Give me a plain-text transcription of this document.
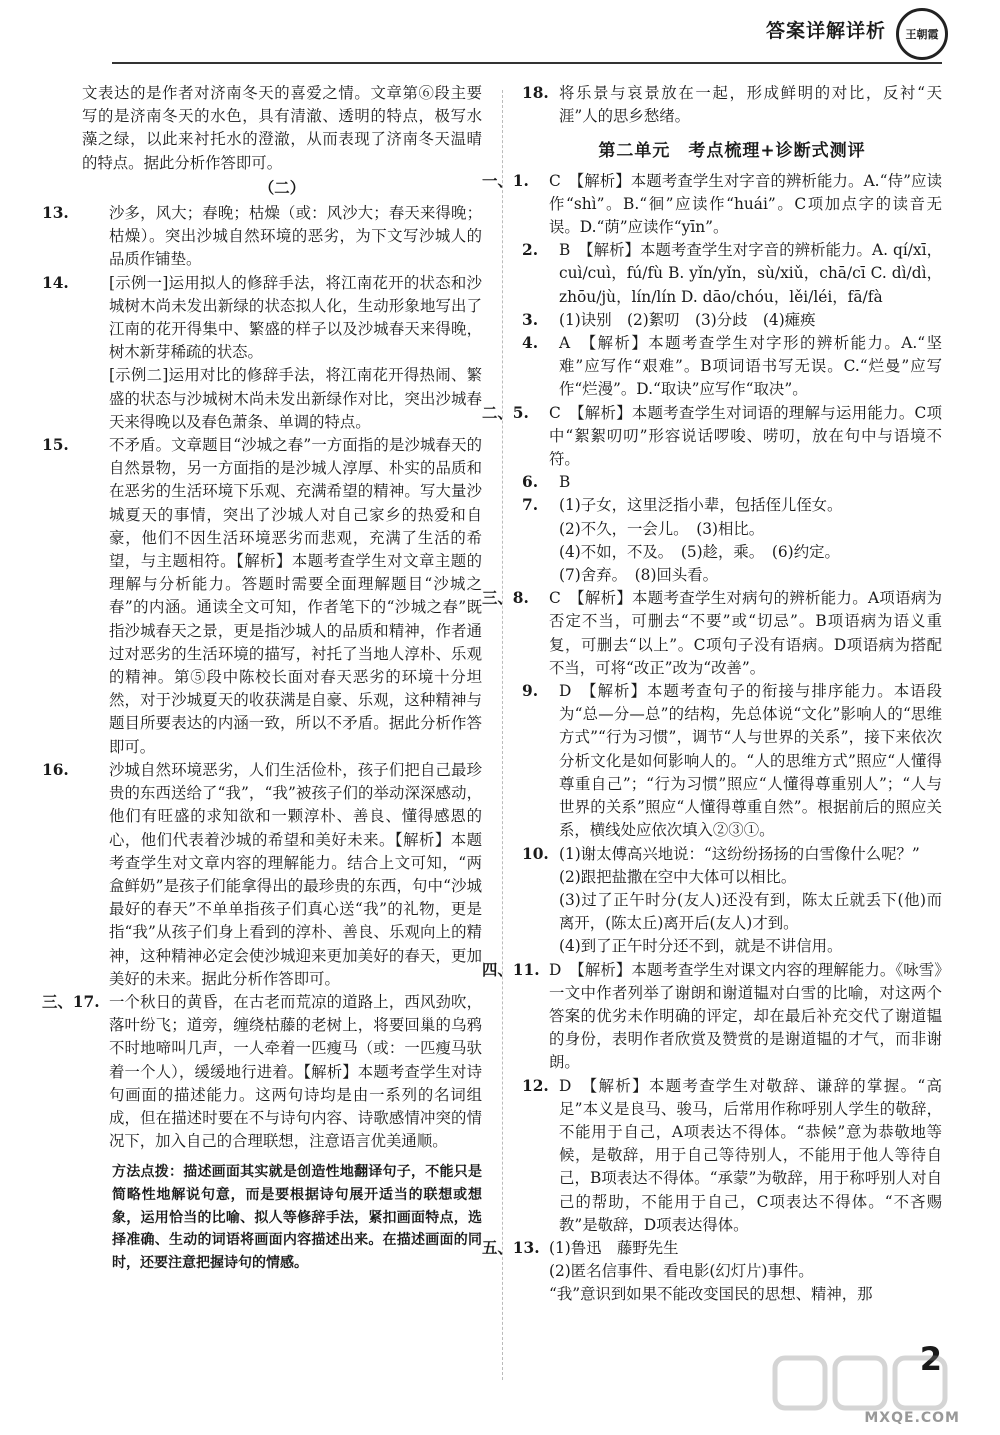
答案详解详析 王朝霞

文表达的是作者对济南冬天的喜爱之情。文章第⑥段主要写的是济南冬天的水色，具有清澈、透明的特点，极写水藻之绿，以此来衬托水的澄澈，从而表现了济南冬天温晴的特点。据此分析作答即可。

（二）
13.	沙多，风大；春晚；枯燥（或：风沙大；春天来得晚；枯燥）。突出沙城自然环境的恶劣，为下文写沙城人的品质作铺垫。
14.	[示例一]运用拟人的修辞手法，将江南花开的状态和沙城树木尚未发出新绿的状态拟人化，生动形象地写出了江南的花开得集中、繁盛的样子以及沙城春天来得晚，树木新芽稀疏的状态。
[示例二]运用对比的修辞手法，将江南花开得热闹、繁盛的状态与沙城树木尚未发出新绿作对比，突出沙城春天来得晚以及春色萧条、单调的特点。
15.	不矛盾。文章题目“沙城之春”一方面指的是沙城春天的自然景物，另一方面指的是沙城人淳厚、朴实的品质和在恶劣的生活环境下乐观、充满希望的精神。写大量沙城夏天的事情，突出了沙城人对自己家乡的热爱和自豪，他们不因生活环境恶劣而悲观，充满了生活的希望，与主题相符。【解析】本题考查学生对文章主题的理解与分析能力。答题时需要全面理解题目“沙城之春”的内涵。通读全文可知，作者笔下的“沙城之春”既指沙城春天之景，更是指沙城人的品质和精神，作者通过对恶劣的生活环境的描写，衬托了当地人淳朴、乐观的精神。第⑤段中陈校长面对春天恶劣的环境十分坦然，对于沙城夏天的收获满是自豪、乐观，这种精神与题目所要表达的内涵一致，所以不矛盾。据此分析作答即可。
16.	沙城自然环境恶劣，人们生活俭朴，孩子们把自己最珍贵的东西送给了“我”，“我”被孩子们的举动深深感动，他们有旺盛的求知欲和一颗淳朴、善良、懂得感恩的心，他们代表着沙城的希望和美好未来。【解析】本题考查学生对文章内容的理解能力。结合上文可知，“两盒鲜奶”是孩子们能拿得出的最珍贵的东西，句中“沙城最好的春天”不单单指孩子们真心送“我”的礼物，更是指“我”从孩子们身上看到的淳朴、善良、乐观向上的精神，这种精神必定会使沙城迎来更加美好的春天，更加美好的未来。据此分析作答即可。
三、17. 一个秋日的黄昏，在古老而荒凉的道路上，西风劲吹，落叶纷飞；道旁，缠绕枯藤的老树上，将要回巢的乌鸦不时地啼叫几声，一人牵着一匹瘦马（或：一匹瘦马驮着一个人），缓缓地行进着。【解析】本题考查学生对诗句画面的描述能力。这两句诗均是由一系列的名词组成，但在描述时要在不与诗句内容、诗歌感情冲突的情况下，加入自己的合理联想，注意语言优美通顺。
方法点拨：描述画面其实就是创造性地翻译句子，不能只是简略性地解说句意，而是要根据诗句展开适当的联想或想象，运用恰当的比喻、拟人等修辞手法，紧扣画面特点，选择准确、生动的词语将画面内容描述出来。在描述画面的同时，还要注意把握诗句的情感。
18. 将乐景与哀景放在一起，形成鲜明的对比，反衬“天涯”人的思乡愁绪。
第二单元　考点梳理+诊断式测评
一、1.	C　【解析】本题考查学生对字音的辨析能力。A.“侍”应读作“shì”。B.“徊”应读作“huái”。C项加点字的读音无误。D.“荫”应读作“yīn”。
2.	B　【解析】本题考查学生对字音的辨析能力。A. qí/xī，cuì/cuì，fú/fù B. yǐn/yǐn，sù/xiǔ，chā/cī C. dì/dì，zhōu/jù，lín/lín D. dāo/chóu，lěi/léi，fā/fà
3.	(1)诀别　(2)絮叨　(3)分歧　(4)瘫痪
4.	A　【解析】本题考查学生对字形的辨析能力。A.“坚难”应写作“艰难”。B项词语书写无误。C.“烂曼”应写作“烂漫”。D.“取诀”应写作“取决”。
二、5.	C　【解析】本题考查学生对词语的理解与运用能力。C项中“絮絮叨叨”形容说话啰唆、唠叨，放在句中与语境不符。
6.	B
7.	(1)子女，这里泛指小辈，包括侄儿侄女。
(2)不久，一会儿。　(3)相比。
(4)不如，不及。　(5)趁，乘。　(6)约定。
(7)舍弃。　(8)回头看。
三、8.	C　【解析】本题考查学生对病句的辨析能力。A项语病为否定不当，可删去“不要”或“切忌”。B项语病为语义重复，可删去“以上”。C项句子没有语病。D项语病为搭配不当，可将“改正”改为“改善”。
9.	D　【解析】本题考查句子的衔接与排序能力。本语段为“总—分—总”的结构，先总体说“文化”影响人的“思维方式”“行为习惯”，调节“人与世界的关系”，接下来依次分析文化是如何影响人的。“人的思维方式”照应“人懂得尊重自己”；“行为习惯”照应“人懂得尊重别人”；“人与世界的关系”照应“人懂得尊重自然”。根据前后的照应关系，横线处应依次填入②③①。
10. (1)谢太傅高兴地说：“这纷纷扬扬的白雪像什么呢？”
(2)跟把盐撒在空中大体可以相比。
(3)过了正午时分(友人)还没有到，陈太丘就丢下(他)而离开，(陈太丘)离开后(友人)才到。
(4)到了正午时分还不到，就是不讲信用。
四、11. D　【解析】本题考查学生对课文内容的理解能力。《咏雪》一文中作者列举了谢朗和谢道韫对白雪的比喻，对这两个答案的优劣未作明确的评定，却在最后补充交代了谢道韫的身份，表明作者欣赏及赞赏的是谢道韫的才气，而非谢朗。
12. D　【解析】本题考查学生对敬辞、谦辞的掌握。“高足”本义是良马、骏马，后常用作称呼别人学生的敬辞，不能用于自己，A项表达不得体。“恭候”意为恭敬地等候，是敬辞，用于自己等待别人，不能用于他人等待自己，B项表达不得体。“承蒙”为敬辞，用于称呼别人对自己的帮助，不能用于自己，C项表达不得体。“不吝赐教”是敬辞，D项表达得体。
五、13. (1)鲁迅　藤野先生
(2)匿名信事件、看电影(幻灯片)事件。
“我”意识到如果不能改变国民的思想、精神，那
2
MXQE.COM
